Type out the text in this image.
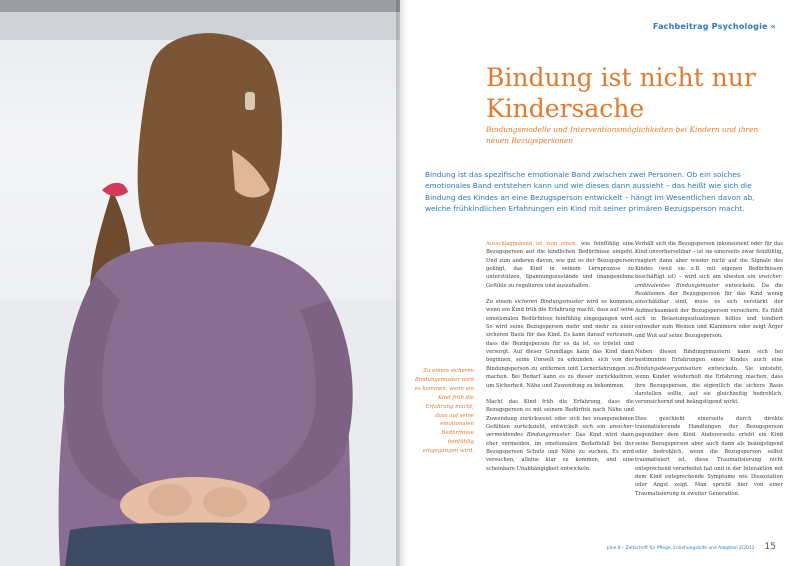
Fachbeitrag Psychologie «
Bindung ist nicht nur
Kindersache

Bindungsmodelle und Interventionsmöglichkeiten bei Kindern und ihren neuen Bezugspersonen

Bindung ist das spezifische emotionale Band zwischen zwei Personen. Ob ein solches emotionales Band entstehen kann und wie dieses dann aussieht – das heißt wie sich die Bindung des Kindes an eine Bezugsperson entwickelt – hängt im Wesentlichen davon ab, welche frühkindlichen Erfahrungen ein Kind mit seiner primären Bezugsperson macht.

Zu einem sicheren Bindungsmuster wird es kommen, wenn ein Kind früh die Erfahrung macht, dass auf seine emotionalen Bedürfnisse feinfühlig eingegangen wird.

Ausschlaggebend ist zum einen, wie feinfühlig eine Bezugsperson auf die kindlichen Bedürfnisse eingeht. Und zum anderen davon, wie gut es der Bezugsperson gelingt, das Kind in seinem Lernprozess zu unterstützen, Spannungszustände und unangenehme Gefühle zu regulieren und auszuhalten.

Zu einem sicheren Bindungsmuster wird es kommen, wenn ein Kind früh die Erfahrung macht, dass auf seine emotionalen Bedürfnisse feinfühlig eingegangen wird. So wird seine Bezugsperson mehr und mehr zu einer sicheren Basis für das Kind. Es kann darauf vertrauen, dass die Bezugsperson für es da ist, es tröstet und versorgt. Auf dieser Grundlage kann das Kind dann beginnen, seine Umwelt zu erkunden, sich von der Bindungsperson zu entfernen und Lernerfahrungen zu machen. Bei Bedarf kann es zu dieser zurückkehren, um Sicherheit, Nähe und Zuwendung zu bekommen.

Macht das Kind früh die Erfahrung, dass die Bezugsperson es mit seinem Bedürfnis nach Nähe und Zuwendung zurückweist oder sich bei unangenehmen Gefühlen zurückzieht, entwickelt sich ein unsicher-vermeidendes Bindungsmuster. Das Kind wird dann eher vermeiden, im emotionalen Bedarfsfall bei der Bezugsperson Schutz und Nähe zu suchen. Es wird versuchen, alleine klar zu kommen, und eine scheinbare Unabhängigkeit entwickeln.

Verhält sich die Bezugsperson inkonsistent oder für das Kind unvorhersehbar – ist sie einerseits zwar feinfühlig, reagiert dann aber wieder nicht auf die Signale des Kindes (weil sie z.B. mit eigenen Bedürfnissen beschäftigt ist) – wird sich am ehesten ein unsicher-ambivalentes Bindungsmuster entwickeln. Da die Reaktionen der Bezugsperson für das Kind wenig einschätzbar sind, muss es sich verstärkt der Aufmerksamkeit der Bezugsperson versichern. Es fühlt sich in Belastungssituationen hilflos und tendiert entweder zum Weinen und Klammern oder zeigt Ärger und Wut auf seine Bezugsperson.

Neben diesen Bindungsmustern kann sich bei bestimmten Erfahrungen eines Kindes auch eine Bindungsdesorganisation entwickeln. Sie entsteht, wenn Kinder wiederholt die Erfahrung machen, dass ihre Bezugsperson, die eigentlich die sichere Basis darstellen sollte, auf sie gleichzeitig bedrohlich, verunsichernd und beängstigend wirkt.

Dies geschieht einerseits durch direkte traumatisierende Handlungen der Bezugsperson gegenüber dem Kind. Andererseits erlebt ein Kind seine Bezugsperson aber auch dann als beängstigend oder bedrohlich, wenn die Bezugsperson selbst traumatisiert ist, diese Traumatisierung nicht entsprechend verarbeitet hat und in der Interaktion mit dem Kind entsprechende Symptome wie Dissoziation oder Angst zeigt. Man spricht hier von einer Traumatisierung in zweiter Generation.

pine 8 – Zeitschrift für Pflege, Erziehungshilfe und Adoption 2/2012 15
